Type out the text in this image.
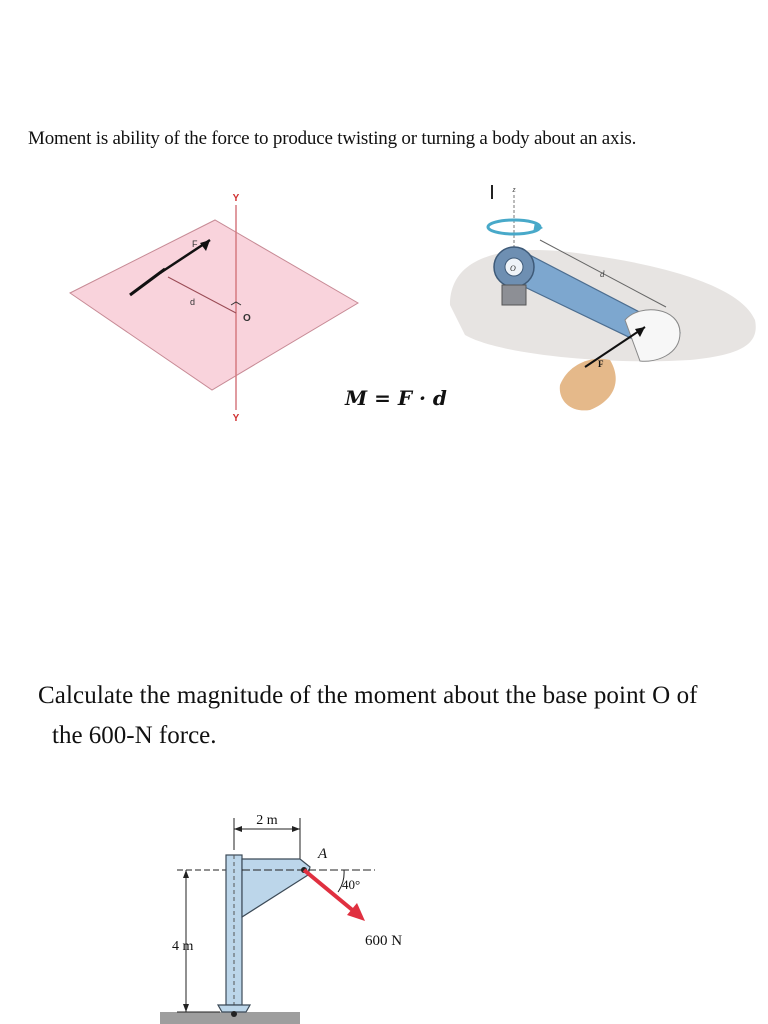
Moment is ability of the force to produce twisting or turning a body about an axis.
Y
Y
F
d
O
z
O
d
F
M = F · d
Calculate the magnitude of the moment about the base point O of
the 600-N force.
2 m
4 m
A
40°
600 N
